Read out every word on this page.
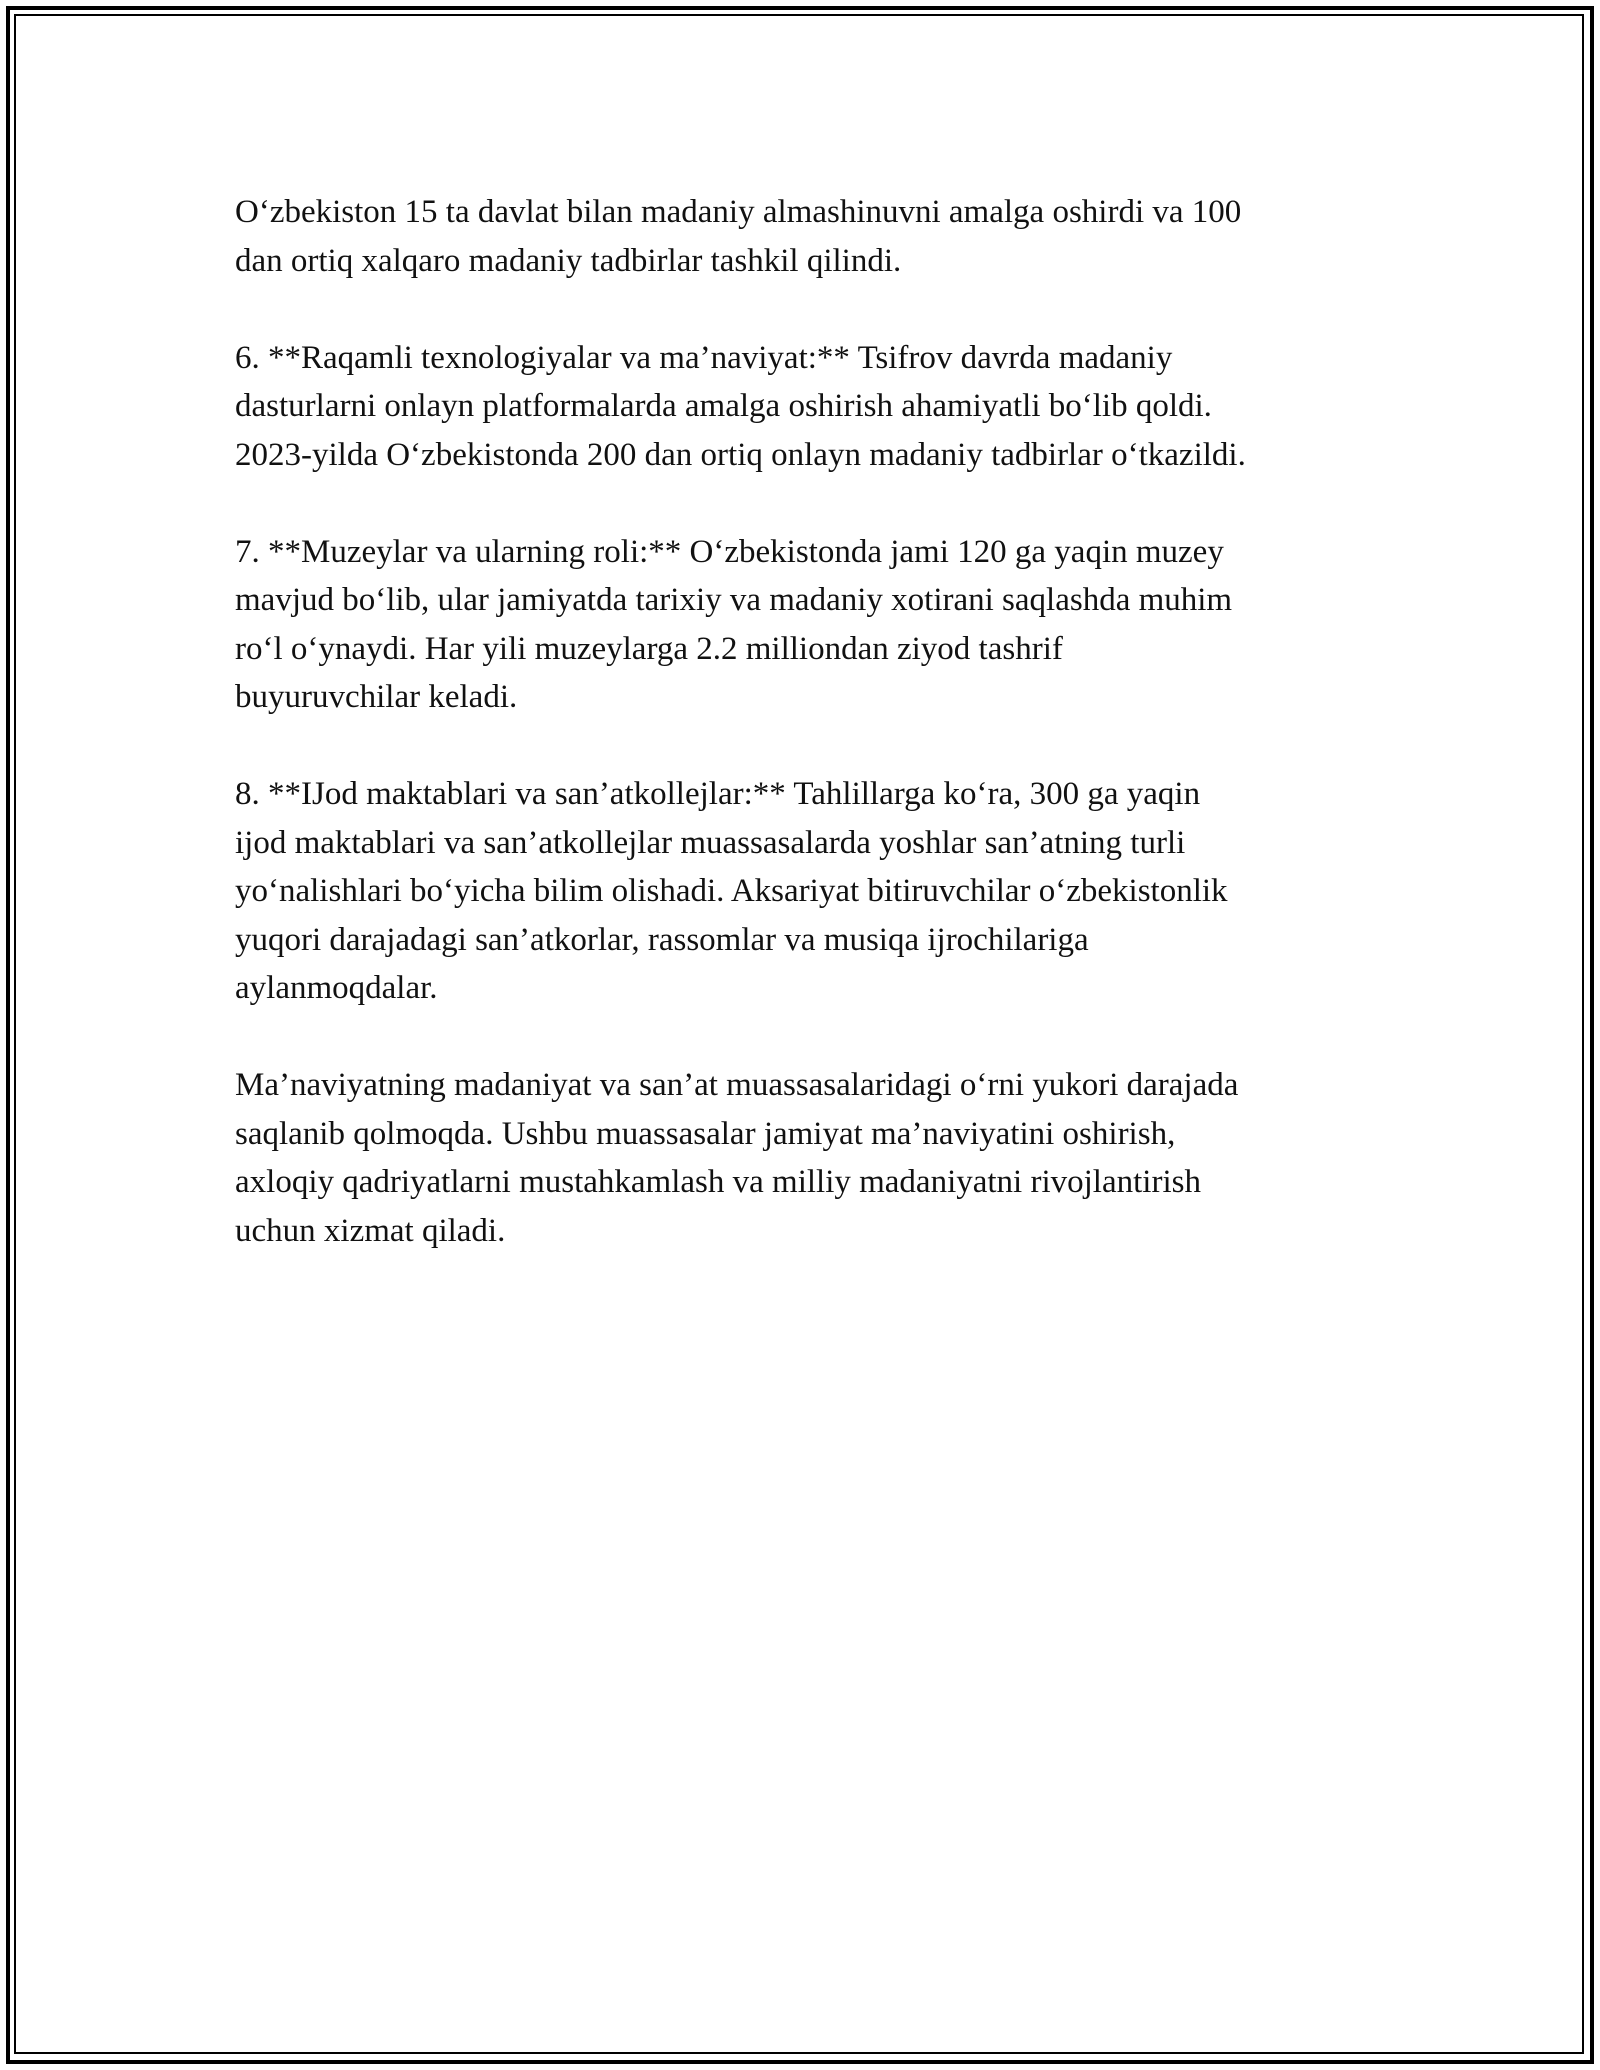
O‘zbekiston 15 ta davlat bilan madaniy almashinuvni amalga oshirdi va 100
dan ortiq xalqaro madaniy tadbirlar tashkil qilindi.

6. **Raqamli texnologiyalar va ma’naviyat:** Tsifrov davrda madaniy
dasturlarni onlayn platformalarda amalga oshirish ahamiyatli bo‘lib qoldi.
2023-yilda O‘zbekistonda 200 dan ortiq onlayn madaniy tadbirlar o‘tkazildi.

7. **Muzeylar va ularning roli:** O‘zbekistonda jami 120 ga yaqin muzey
mavjud bo‘lib, ular jamiyatda tarixiy va madaniy xotirani saqlashda muhim
ro‘l o‘ynaydi. Har yili muzeylarga 2.2 milliondan ziyod tashrif
buyuruvchilar keladi.

8. **IJod maktablari va san’atkollejlar:** Tahlillarga ko‘ra, 300 ga yaqin
ijod maktablari va san’atkollejlar muassasalarda yoshlar san’atning turli
yo‘nalishlari bo‘yicha bilim olishadi. Aksariyat bitiruvchilar o‘zbekistonlik
yuqori darajadagi san’atkorlar, rassomlar va musiqa ijrochilariga
aylanmoqdalar.

Ma’naviyatning madaniyat va san’at muassasalaridagi o‘rni yukori darajada
saqlanib qolmoqda. Ushbu muassasalar jamiyat ma’naviyatini oshirish,
axloqiy qadriyatlarni mustahkamlash va milliy madaniyatni rivojlantirish
uchun xizmat qiladi.
